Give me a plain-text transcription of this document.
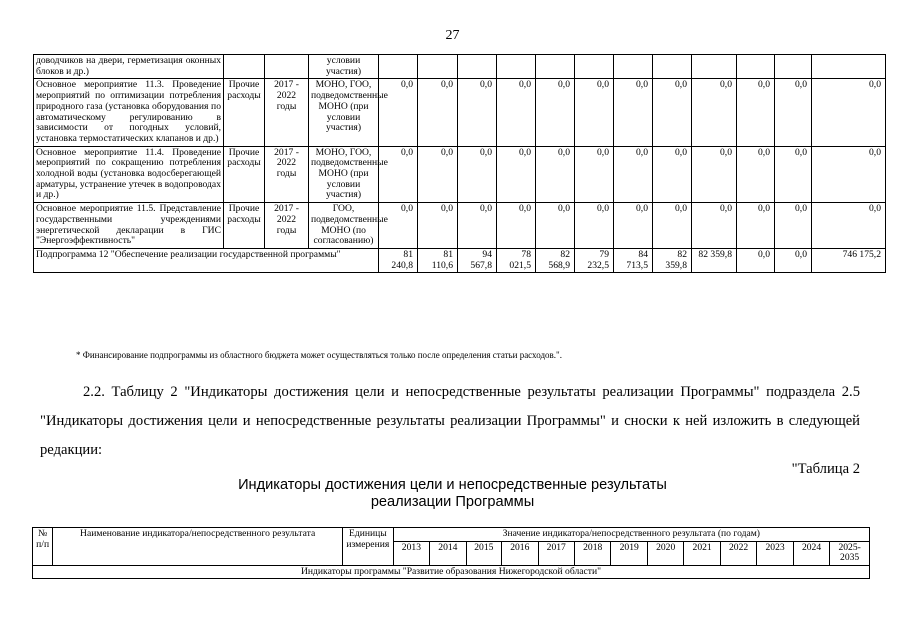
27
доводчиков на двери, герметизация оконных блоков и др.)			условии участия)												
Основное мероприятие 11.3. Проведение мероприятий по оптимизации потребления природного газа (установка оборудования по автоматическому регулированию в зависимости от погодных условий, установка термостатических клапанов и др.)	Прочие расходы	2017 - 2022 годы	МОНО, ГОО, подведомственные МОНО (при условии участия)	0,0	0,0	0,0	0,0	0,0	0,0	0,0	0,0	0,0	0,0	0,0	0,0
Основное мероприятие 11.4. Проведение мероприятий по сокращению потребления холодной воды (установка водосберегающей арматуры, устранение утечек в водопроводах и др.)	Прочие расходы	2017 - 2022 годы	МОНО, ГОО, подведомственные МОНО (при условии участия)	0,0	0,0	0,0	0,0	0,0	0,0	0,0	0,0	0,0	0,0	0,0	0,0
Основное мероприятие 11.5. Представление государственными учреждениями энергетической декларации в ГИС "Энергоэффективность"	Прочие расходы	2017 - 2022 годы	ГОО, подведомственные МОНО (по согласованию)	0,0	0,0	0,0	0,0	0,0	0,0	0,0	0,0	0,0	0,0	0,0	0,0
Подпрограмма 12 "Обеспечение реализации государственной программы"				81 240,8	81 110,6	94 567,8	78 021,5	82 568,9	79 232,5	84 713,5	82 359,8	82 359,8	0,0	0,0	746 175,2
* Финансирование подпрограммы из областного бюджета может осуществляться только после определения статьи расходов.".
2.2. Таблицу 2 "Индикаторы достижения цели и непосредственные результаты реализации Программы" подраздела 2.5 "Индикаторы достижения цели и непосредственные результаты реализации Программы" и сноски к ней изложить в следующей редакции:
"Таблица 2
Индикаторы достижения цели и непосредственные результаты
реализации Программы
№ п/п	Наименование индикатора/непосредственного результата	Единицы измерения	Значение индикатора/непосредственного результата (по годам)												
			2013	2014	2015	2016	2017	2018	2019	2020	2021	2022	2023	2024	2025-2035
Индикаторы программы "Развитие образования Нижегородской области"															
